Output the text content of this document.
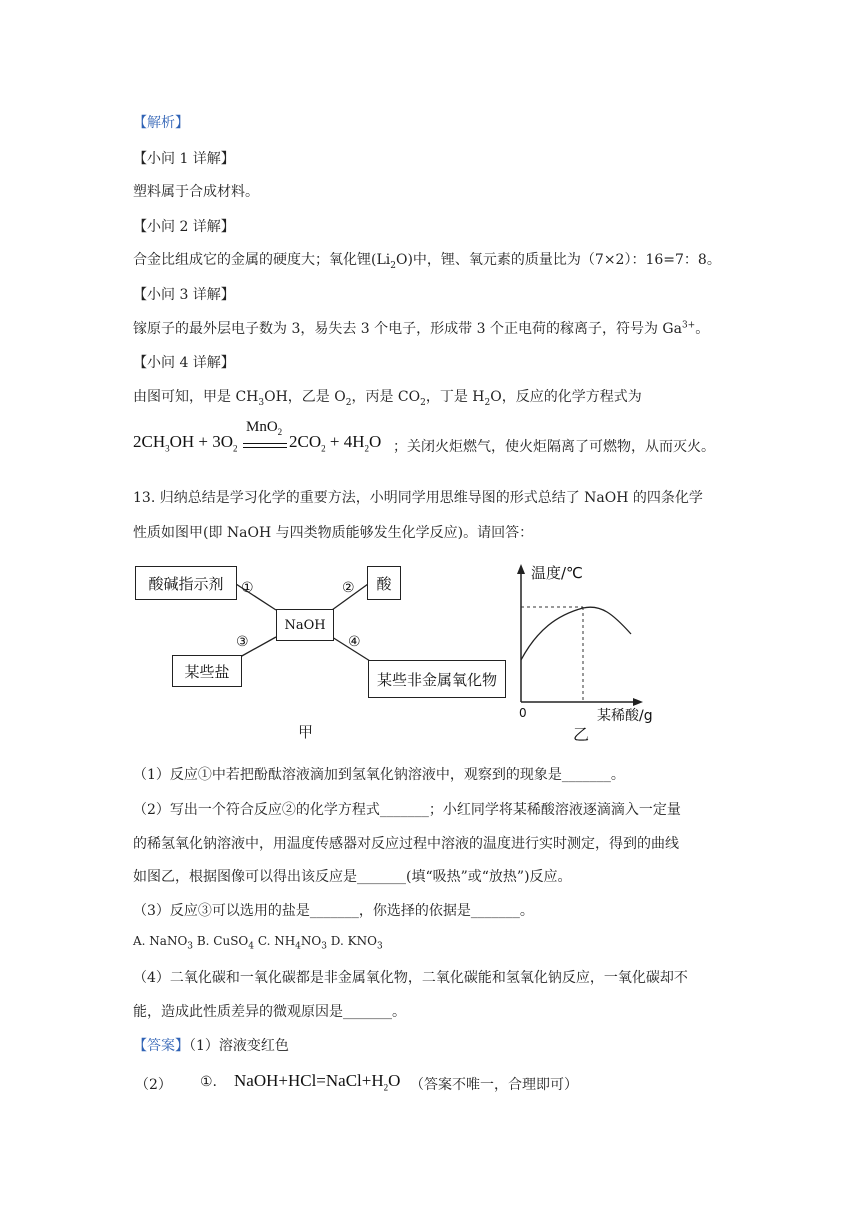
【解析】
【小问 1 详解】
塑料属于合成材料。
【小问 2 详解】
合金比组成它的金属的硬度大；氧化锂$(Li_2O)$中，锂、氧元素的质量比为（7×2）：16=7：8。
【小问 3 详解】
镓原子的最外层电子数为 3，易失去 3 个电子，形成带 3 个正电荷的稼离子，符号为 $Ga^{3+}$。
【小问 4 详解】
由图可知，甲是 $CH_3OH$，乙是 $O_2$，丙是 $CO_2$，丁是 $H_2O$，反应的化学方程式为
$2CH_3OH + 3O_2$
MnO$_2$ $2CO_2 + 4H_2O$ ；关闭火炬燃气，使火炬隔离了可燃物，从而灭火。
13. 归纳总结是学习化学的重要方法，小明同学用思维导图的形式总结了 NaOH 的四条化学
性质如图甲(即 NaOH 与四类物质能够发生化学反应)。请回答：
酸碱指示剂	酸
NaOH
某些盐	某些非金属氧化物
①	②
③	④
甲
温度/℃
0	某稀酸/g
乙
（1）反应①中若把酚酞溶液滴加到氢氧化钠溶液中，观察到的现象是_______。
（2）写出一个符合反应②的化学方程式_______；小红同学将某稀酸溶液逐滴滴入一定量
的稀氢氧化钠溶液中，用温度传感器对反应过程中溶液的温度进行实时测定，得到的曲线
如图乙，根据图像可以得出该反应是_______(填“吸热”或“放热”)反应。
（3）反应③可以选用的盐是_______，你选择的依据是_______。
A. NaNO$_3$ B. CuSO$_4$ C. $NH_4NO_3$ D. $KNO_3$
（4）二氧化碳和一氧化碳都是非金属氧化物，二氧化碳能和氢氧化钠反应，一氧化碳却不
能，造成此性质差异的微观原因是_______。
【答案】（1）溶液变红色
（2） ①. $NaOH+HCl=NaCl+H_2O$ （答案不唯一，合理即可）
